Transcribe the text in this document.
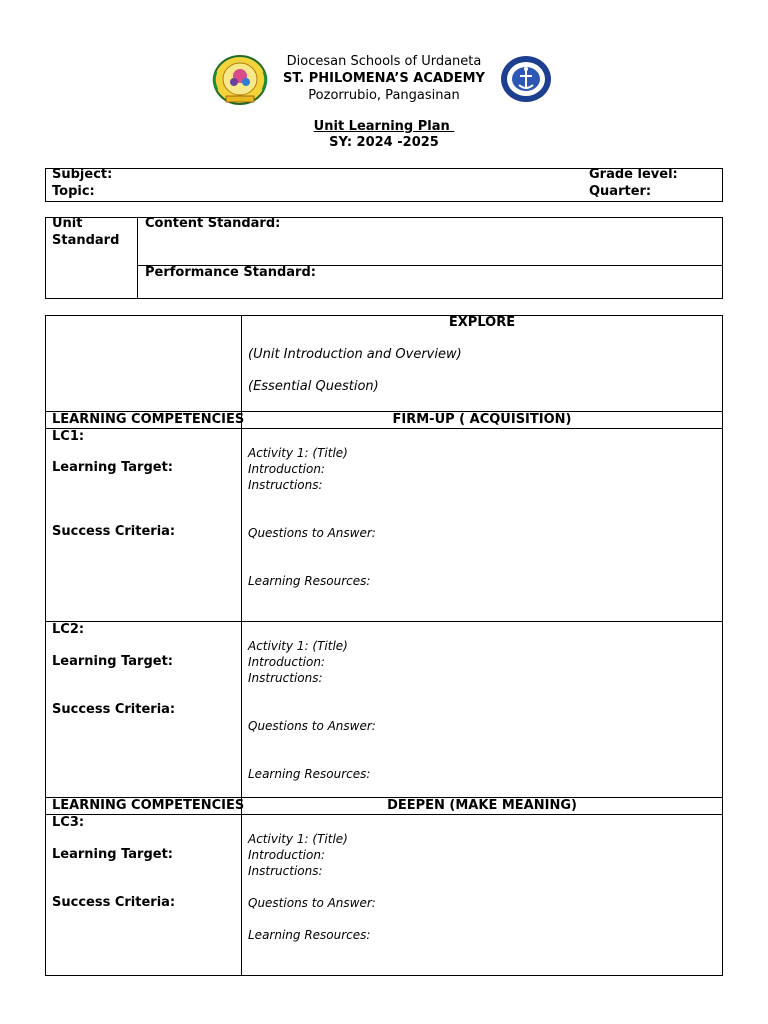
Diocesan Schools of Urdaneta
ST. PHILOMENA’S ACADEMY
Pozorrubio, Pangasinan
Unit Learning Plan
SY: 2024 -2025
Subject:
Topic:
Grade level:
Quarter:
Unit
Standard
Content Standard:
Performance Standard:
EXPLORE
(Unit Introduction and Overview)
(Essential Question)
LEARNING COMPETENCIES	FIRM-UP ( ACQUISITION)
LC1:
Learning Target:
Success Criteria:
Activity 1: (Title)
Introduction:
Instructions:
Questions to Answer:
Learning Resources:
LC2:
Learning Target:
Success Criteria:
Activity 1: (Title)
Introduction:
Instructions:
Questions to Answer:
Learning Resources:
LEARNING COMPETENCIES	DEEPEN (MAKE MEANING)
LC3:
Learning Target:
Success Criteria:
Activity 1: (Title)
Introduction:
Instructions:
Questions to Answer:
Learning Resources:
